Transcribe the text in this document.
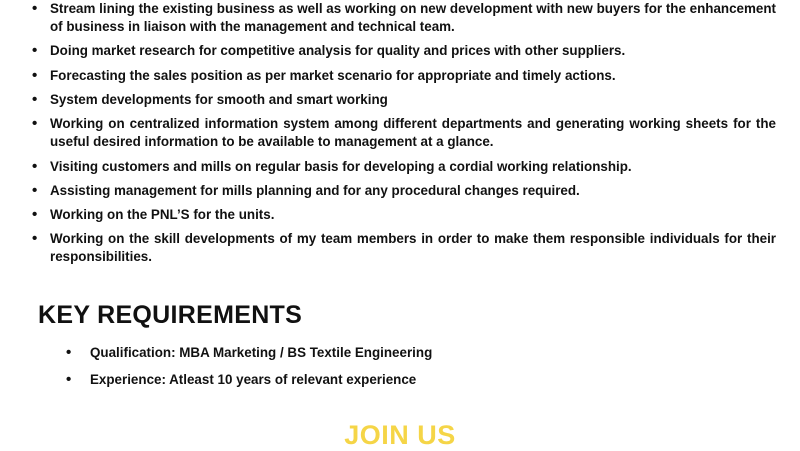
• Stream lining the existing business as well as working on new development with new buyers for the enhancement of business in liaison with the management and technical team.
• Doing market research for competitive analysis for quality and prices with other suppliers.
• Forecasting the sales position as per market scenario for appropriate and timely actions.
• System developments for smooth and smart working
• Working on centralized information system among different departments and generating working sheets for the useful desired information to be available to management at a glance.
• Visiting customers and mills on regular basis for developing a cordial working relationship.
• Assisting management for mills planning and for any procedural changes required.
• Working on the PNL’S for the units.
• Working on the skill developments of my team members in order to make them responsible individuals for their responsibilities.
KEY REQUIREMENTS
• Qualification: MBA Marketing / BS Textile Engineering
• Experience: Atleast 10 years of relevant experience
JOIN US
